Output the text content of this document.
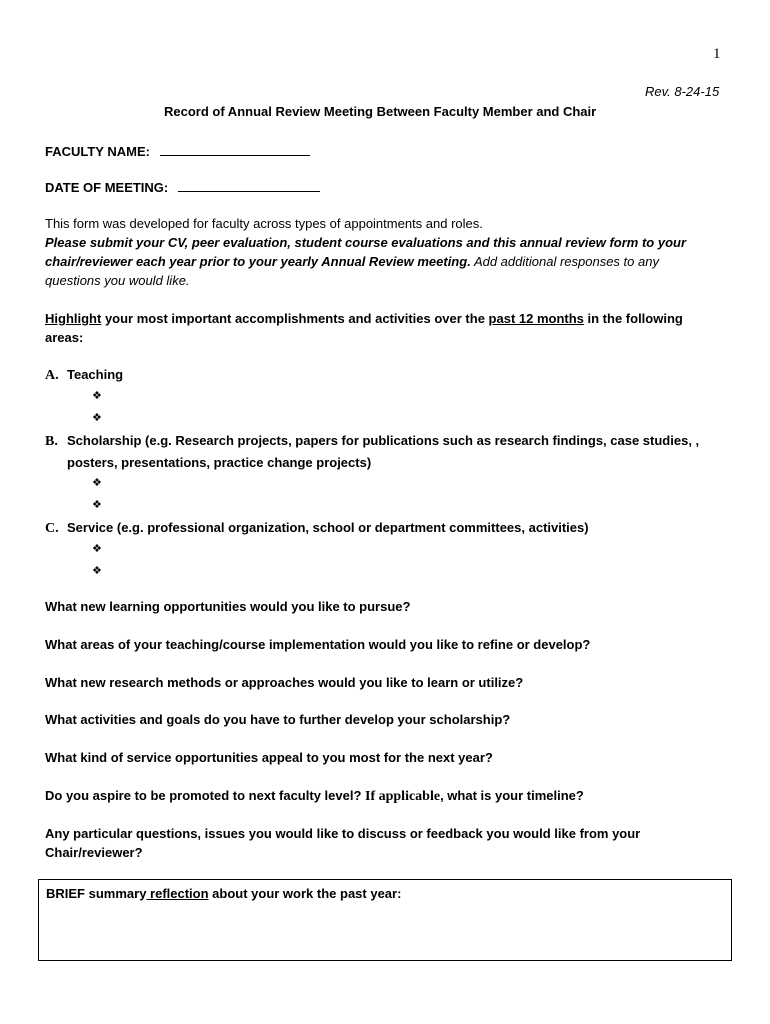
1
Rev. 8-24-15
Record of Annual Review Meeting Between Faculty Member and Chair
FACULTY NAME:
DATE OF MEETING:
This form was developed for faculty across types of appointments and roles.
Please submit your CV, peer evaluation, student course evaluations and this annual review form to your
chair/reviewer each year prior to your yearly Annual Review meeting. Add additional responses to any
questions you would like.
Highlight your most important accomplishments and activities over the past 12 months in the following
areas:
A. Teaching
❖
❖
B. Scholarship (e.g. Research projects, papers for publications such as research findings, case studies, ,
posters, presentations, practice change projects)
❖
❖
C. Service (e.g. professional organization, school or department committees, activities)
❖
❖
What new learning opportunities would you like to pursue?
What areas of your teaching/course implementation would you like to refine or develop?
What new research methods or approaches would you like to learn or utilize?
What activities and goals do you have to further develop your scholarship?
What kind of service opportunities appeal to you most for the next year?
Do you aspire to be promoted to next faculty level? If applicable, what is your timeline?
Any particular questions, issues you would like to discuss or feedback you would like from your
Chair/reviewer?
BRIEF summary reflection about your work the past year:
